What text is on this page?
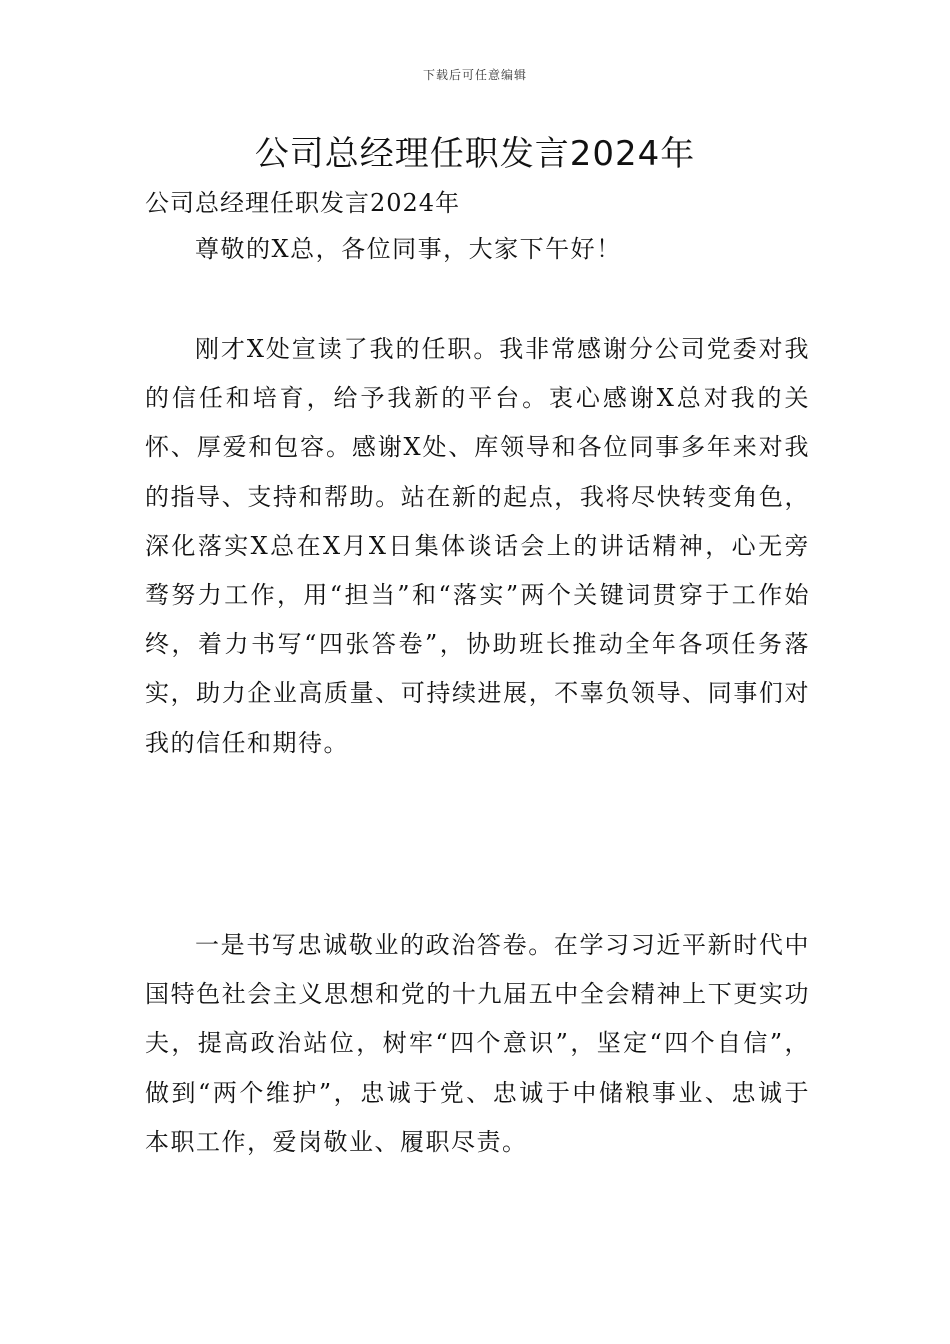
下载后可任意编辑
公司总经理任职发言2024年
公司总经理任职发言2024年

尊敬的X总，各位同事，大家下午好！

刚才X处宣读了我的任职。我非常感谢分公司党委对我的信任和培育，给予我新的平台。衷心感谢X总对我的关怀、厚爱和包容。感谢X处、库领导和各位同事多年来对我的指导、支持和帮助。站在新的起点，我将尽快转变角色，深化落实X总在X月X日集体谈话会上的讲话精神，心无旁骛努力工作，用“担当”和“落实”两个关键词贯穿于工作始终，着力书写“四张答卷”，协助班长推动全年各项任务落实，助力企业高质量、可持续进展，不辜负领导、同事们对我的信任和期待。

一是书写忠诚敬业的政治答卷。在学习习近平新时代中国特色社会主义思想和党的十九届五中全会精神上下更实功夫，提高政治站位，树牢“四个意识”，坚定“四个自信”，做到“两个维护”，忠诚于党、忠诚于中储粮事业、忠诚于本职工作，爱岗敬业、履职尽责。
